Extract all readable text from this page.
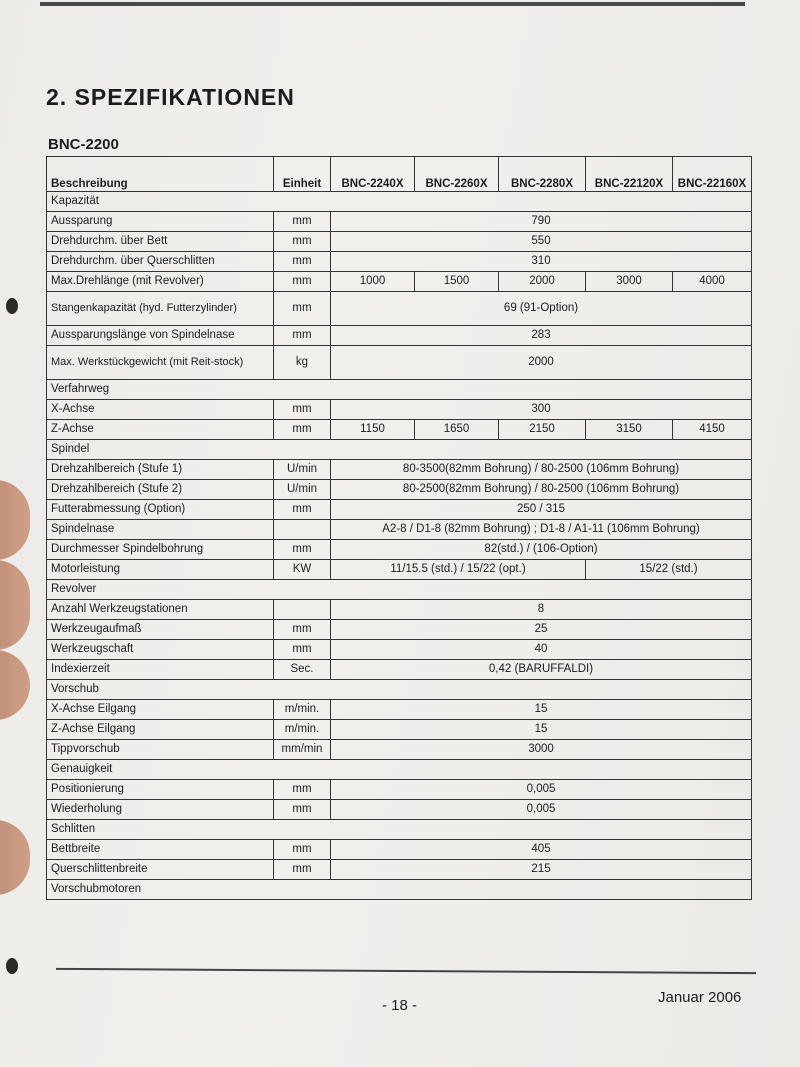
2. SPEZIFIKATIONEN
BNC-2200
Beschreibung	Einheit	BNC-2240X	BNC-2260X	BNC-2280X	BNC-22120X	BNC-22160X
Kapazität						
Aussparung	mm	790				
Drehdurchm. über Bett	mm	550				
Drehdurchm. über Querschlitten	mm	310				
Max.Drehlänge (mit Revolver)	mm	1000	1500	2000	3000	4000
Stangenkapazität (hyd. Futterzylinder)	mm	69 (91-Option)				
Aussparungslänge von Spindelnase	mm	283				
Max. Werkstückgewicht (mit Reit-stock)	kg	2000				
Verfahrweg						
X-Achse	mm	300				
Z-Achse	mm	1150	1650	2150	3150	4150
Spindel						
Drehzahlbereich (Stufe 1)	U/min	80-3500(82mm Bohrung) / 80-2500 (106mm Bohrung)				
Drehzahlbereich (Stufe 2)	U/min	80-2500(82mm Bohrung) / 80-2500 (106mm Bohrung)				
Futterabmessung (Option)	mm	250 / 315				
Spindelnase		A2-8 / D1-8 (82mm Bohrung) ; D1-8 / A1-11 (106mm Bohrung)				
Durchmesser Spindelbohrung	mm	82(std.) / (106-Option)				
Motorleistung	KW	11/15.5 (std.) / 15/22 (opt.)			15/22 (std.)	
Revolver						
Anzahl Werkzeugstationen		8				
Werkzeugaufmaß	mm	25				
Werkzeugschaft	mm	40				
Indexierzeit	Sec.	0,42 (BARUFFALDI)				
Vorschub						
X-Achse Eilgang	m/min.	15				
Z-Achse Eilgang	m/min.	15				
Tippvorschub	mm/min	3000				
Genauigkeit						
Positionierung	mm	0,005				
Wiederholung	mm	0,005				
Schlitten						
Bettbreite	mm	405				
Querschlittenbreite	mm	215				
Vorschubmotoren						
- 18 -	Januar 2006
